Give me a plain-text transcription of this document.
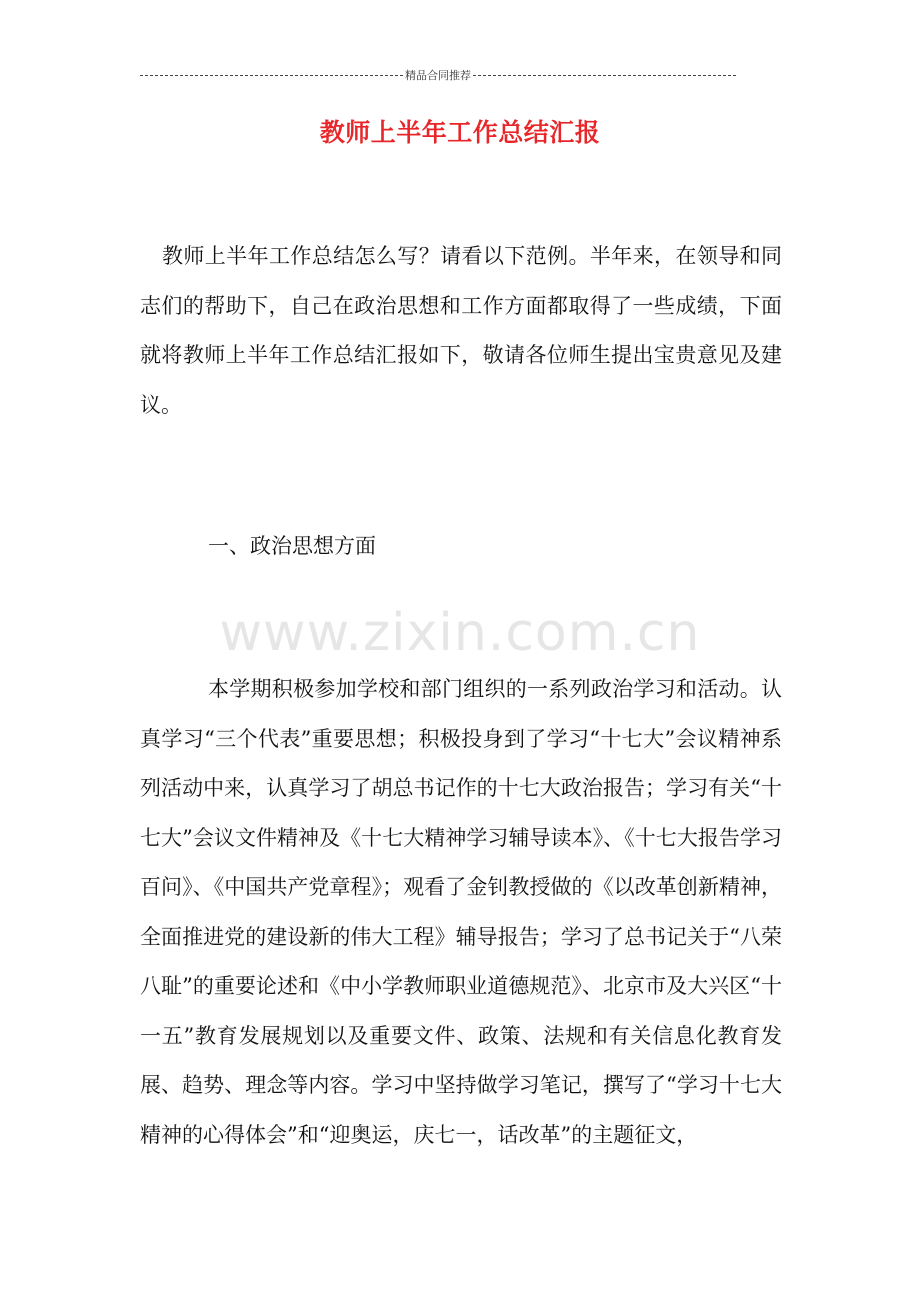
精品合同推荐
教师上半年工作总结汇报

教师上半年工作总结怎么写？请看以下范例。半年来，在领导和同志们的帮助下，自己在政治思想和工作方面都取得了一些成绩，下面就将教师上半年工作总结汇报如下，敬请各位师生提出宝贵意见及建议。

一、政治思想方面
www.zixin.com.cn

本学期积极参加学校和部门组织的一系列政治学习和活动。认真学习“三个代表”重要思想；积极投身到了学习“十七大”会议精神系列活动中来，认真学习了胡总书记作的十七大政治报告；学习有关“十七大”会议文件精神及《十七大精神学习辅导读本》、《十七大报告学习百问》、《中国共产党章程》；观看了金钊教授做的《以改革创新精神，全面推进党的建设新的伟大工程》辅导报告；学习了总书记关于“八荣八耻”的重要论述和《中小学教师职业道德规范》、北京市及大兴区“十一五”教育发展规划以及重要文件、政策、法规和有关信息化教育发展、趋势、理念等内容。学习中坚持做学习笔记，撰写了“学习十七大精神的心得体会”和“迎奥运，庆七一，话改革”的主题征文，
